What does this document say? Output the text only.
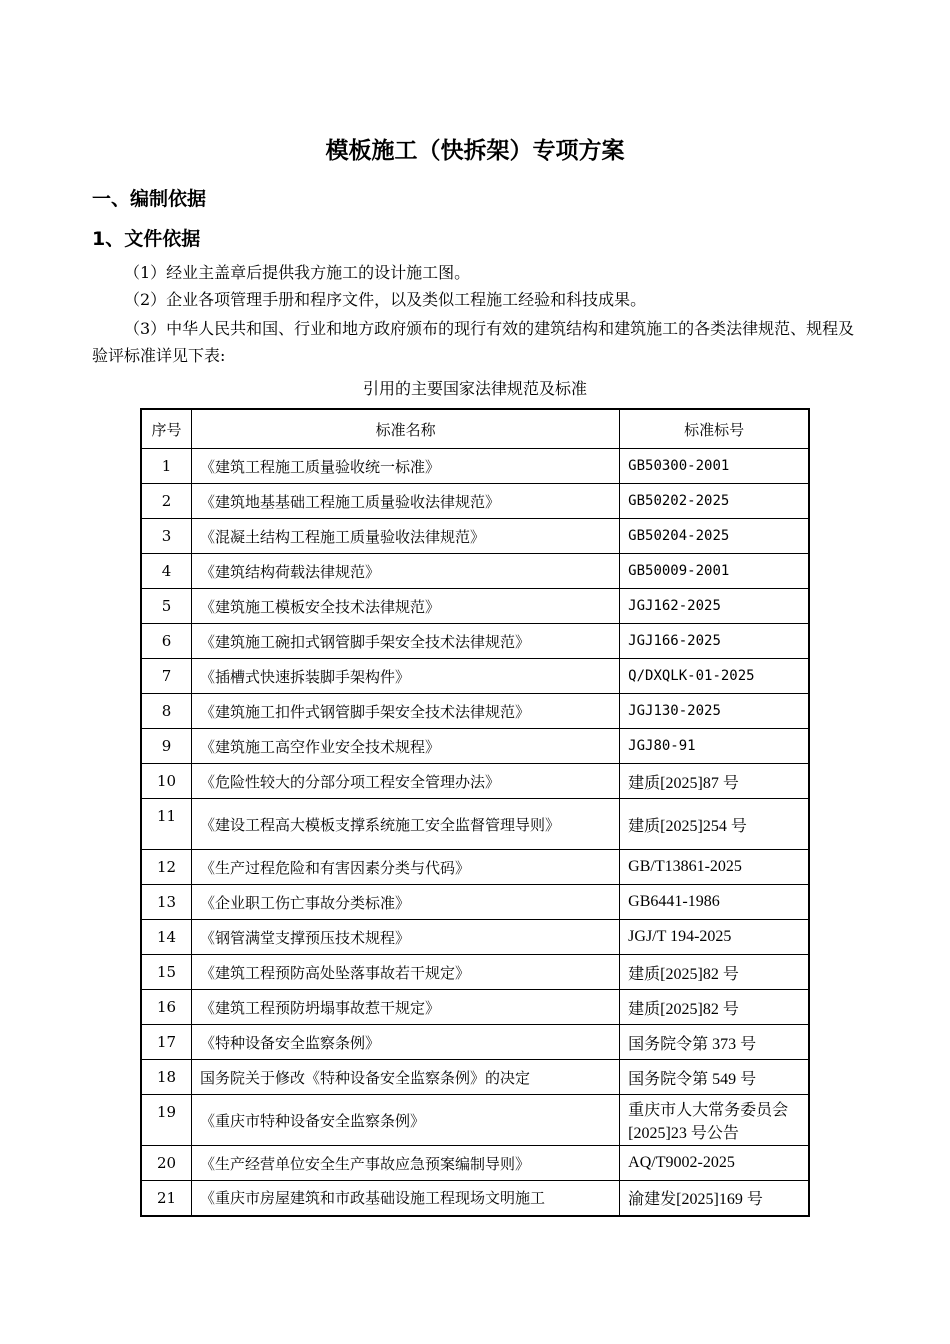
模板施工（快拆架）专项方案
一、编制依据
1、文件依据
（1）经业主盖章后提供我方施工的设计施工图。
（2）企业各项管理手册和程序文件，以及类似工程施工经验和科技成果。
（3）中华人民共和国、行业和地方政府颁布的现行有效的建筑结构和建筑施工的各类法律规范、规程及验评标准详见下表:
引用的主要国家法律规范及标准
序号	标准名称	标准标号
1	《建筑工程施工质量验收统一标准》	GB50300-2001
2	《建筑地基基础工程施工质量验收法律规范》	GB50202-2025
3	《混凝土结构工程施工质量验收法律规范》	GB50204-2025
4	《建筑结构荷载法律规范》	GB50009-2001
5	《建筑施工模板安全技术法律规范》	JGJ162-2025
6	《建筑施工碗扣式钢管脚手架安全技术法律规范》	JGJ166-2025
7	《插槽式快速拆装脚手架构件》	Q/DXQLK-01-2025
8	《建筑施工扣件式钢管脚手架安全技术法律规范》	JGJ130-2025
9	《建筑施工高空作业安全技术规程》	JGJ80-91
10	《危险性较大的分部分项工程安全管理办法》	建质[2025]87 号
11	《建设工程高大模板支撑系统施工安全监督管理导则》	建质[2025]254 号
12	《生产过程危险和有害因素分类与代码》	GB/T13861-2025
13	《企业职工伤亡事故分类标准》	GB6441-1986
14	《钢管满堂支撑预压技术规程》	JGJ/T 194-2025
15	《建筑工程预防高处坠落事故若干规定》	建质[2025]82 号
16	《建筑工程预防坍塌事故惹干规定》	建质[2025]82 号
17	《特种设备安全监察条例》	国务院令第 373 号
18	国务院关于修改《特种设备安全监察条例》的决定	国务院令第 549 号
19	《重庆市特种设备安全监察条例》	重庆市人大常务委员会[2025]23 号公告
20	《生产经营单位安全生产事故应急预案编制导则》	AQ/T9002-2025
21	《重庆市房屋建筑和市政基础设施工程现场文明施工	渝建发[2025]169 号
